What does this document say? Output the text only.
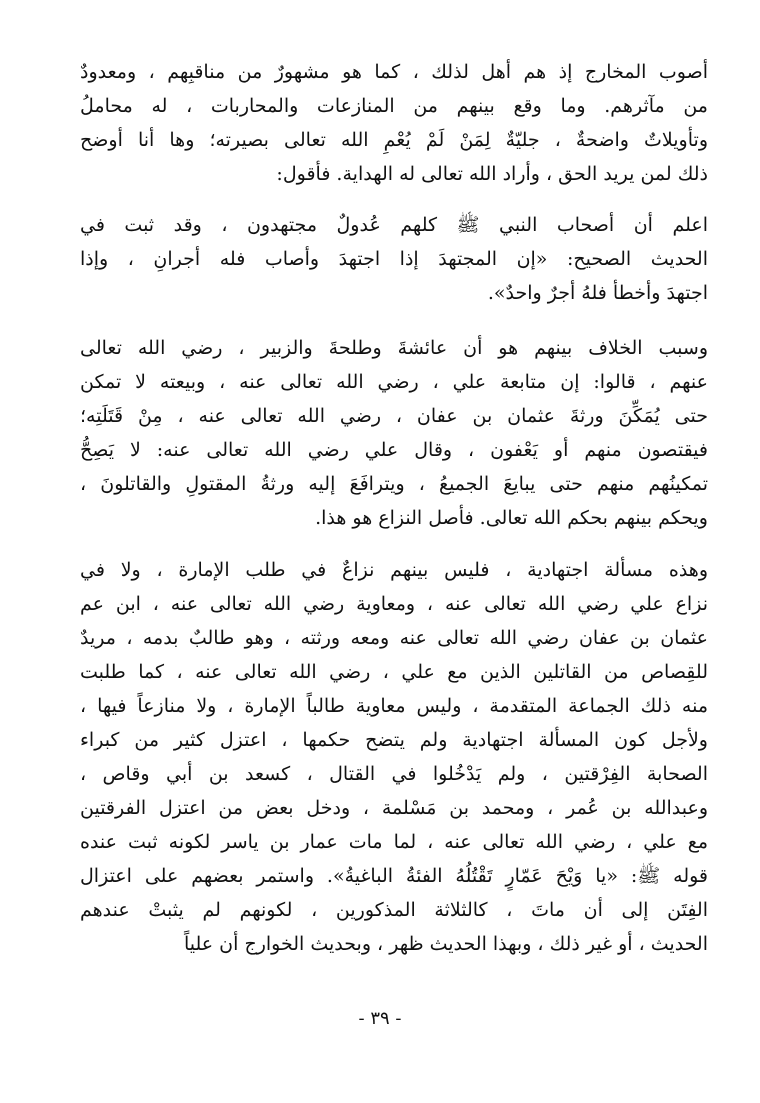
أصوب المخارج إذ هم أهل لذلك ، كما هو مشهورٌ من مناقبِهم ، ومعدودٌ
من مآثرهم. وما وقع بينهم من المنازعات والمحاربات ، له محاملُ
وتأويلاتٌ واضحةٌ ، جليّةٌ لِمَنْ لَمْ يُعْمِ الله تعالى بصيرته؛ وها أنا أوضح
ذلك لمن يريد الحق ، وأراد الله تعالى له الهداية. فأقول:
اعلم أن أصحاب النبي ﷺ كلهم عُدولٌ مجتهدون ، وقد ثبت في
الحديث الصحيح: «إن المجتهدَ إذا اجتهدَ وأصاب فله أجرانِ ، وإذا
اجتهدَ وأخطأ فلهُ أجرٌ واحدٌ».
وسبب الخلاف بينهم هو أن عائشةَ وطلحةَ والزبير ، رضي الله تعالى
عنهم ، قالوا: إن متابعة علي ، رضي الله تعالى عنه ، وبيعته لا تمكن
حتى يُمَكِّنَ ورثةَ عثمان بن عفان ، رضي الله تعالى عنه ، مِنْ قَتَلَتِه؛
فيقتصون منهم أو يَعْفون ، وقال علي رضي الله تعالى عنه: لا يَصِحُّ
تمكينُهم منهم حتى يبايعَ الجميعُ ، ويترافَعَ إليه ورثةُ المقتولِ والقاتلونَ ،
ويحكم بينهم بحكم الله تعالى. فأصل النزاع هو هذا.
وهذه مسألة اجتهادية ، فليس بينهم نزاعٌ في طلب الإمارة ، ولا في
نزاع علي رضي الله تعالى عنه ، ومعاوية رضي الله تعالى عنه ، ابن عم
عثمان بن عفان رضي الله تعالى عنه ومعه ورثته ، وهو طالبٌ بدمه ، مريدٌ
للقِصاص من القاتلين الذين مع علي ، رضي الله تعالى عنه ، كما طلبت
منه ذلك الجماعة المتقدمة ، وليس معاوية طالباً الإمارة ، ولا منازعاً فيها ،
ولأجل كون المسألة اجتهادية ولم يتضح حكمها ، اعتزل كثير من كبراء
الصحابة الفِرْقتين ، ولم يَدْخُلوا في القتال ، كسعد بن أبي وقاص ،
وعبدالله بن عُمر ، ومحمد بن مَسْلمة ، ودخل بعض من اعتزل الفرقتين
مع علي ، رضي الله تعالى عنه ، لما مات عمار بن ياسر لكونه ثبت عنده
قوله ﷺ: «يا وَيْحَ عَمّارٍ تَقْتُلُهُ الفئةُ الباغيةُ». واستمر بعضهم على اعتزال
الفِتَن إلى أن ماتَ ، كالثلاثة المذكورين ، لكونهم لم يثبتْ عندهم
الحديث ، أو غير ذلك ، وبهذا الحديث ظهر ، وبحديث الخوارج أن علياً
- ٣٩ -
